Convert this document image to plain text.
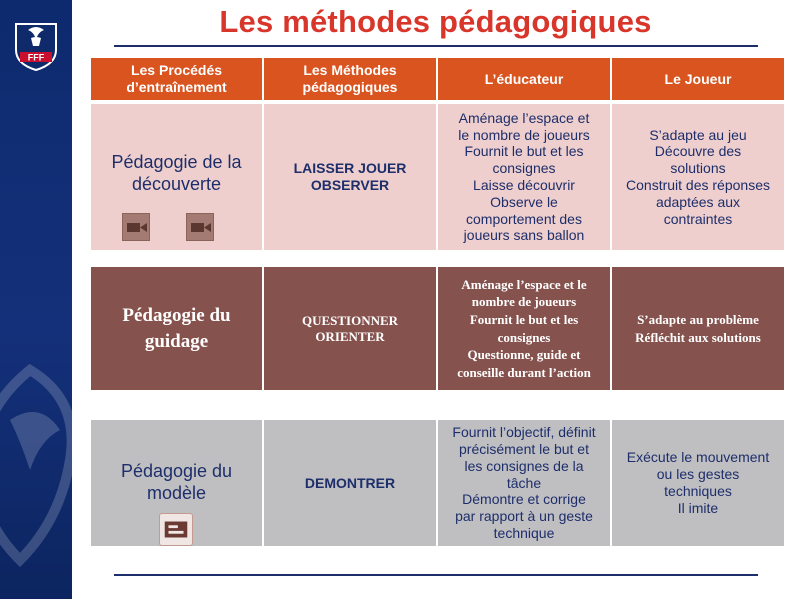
FFF
Les méthodes pédagogiques
Les Procédés
d’entraînement
Les Méthodes
pédagogiques
L’éducateur	Le Joueur
Pédagogie de la
découverte
LAISSER JOUER
OBSERVER
Aménage l’espace et
le nombre de joueurs
Fournit le but et les
consignes
Laisse découvrir
Observe le
comportement des
joueurs sans ballon
S’adapte au jeu
Découvre des
solutions
Construit des réponses
adaptées aux
contraintes
Pédagogie du
guidage
QUESTIONNER
ORIENTER
Aménage l’espace et le
nombre de joueurs
Fournit le but et les
consignes
Questionne, guide et
conseille durant l’action
S’adapte au problème
Réfléchit aux solutions
Pédagogie du
modèle	DEMONTRER
Fournit l’objectif, définit
précisément le but et
les consignes de la
tâche
Démontre et corrige
par rapport à un geste
technique
Exécute le mouvement
ou les gestes
techniques
Il imite
